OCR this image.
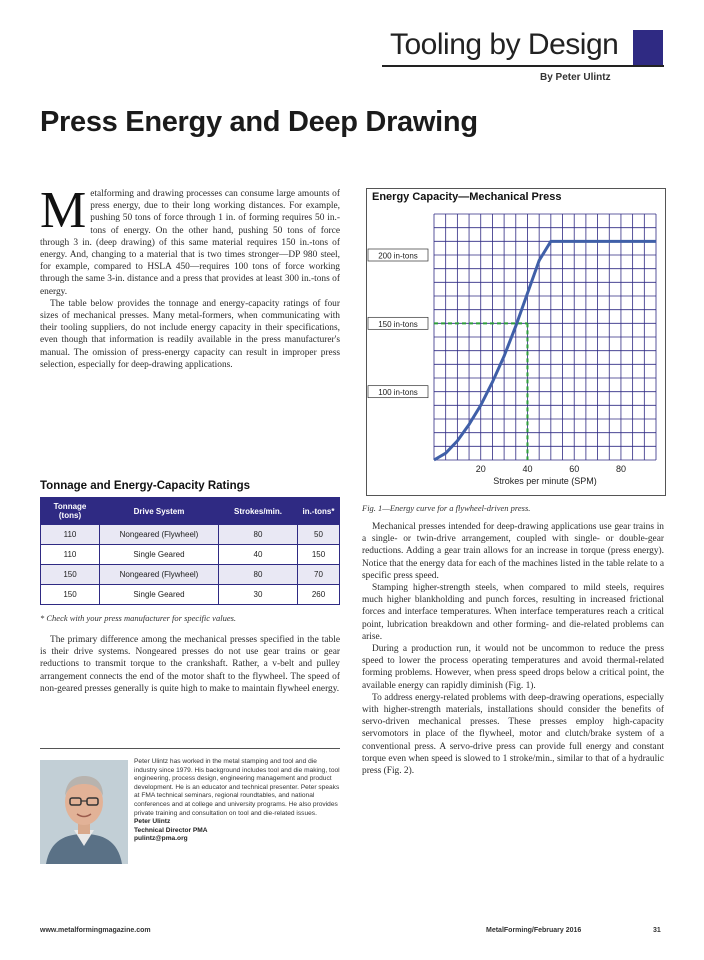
Tooling by Design
By Peter Ulintz
Press Energy and Deep Drawing

Metalforming and drawing processes can consume large amounts of press energy, due to their long working distances. For example, pushing 50 tons of force through 1 in. of forming requires 50 in.-tons of energy. On the other hand, pushing 50 tons of force through 3 in. (deep drawing) of this same material requires 150 in.-tons of energy. And, changing to a material that is two times stronger—DP 980 steel, for example, compared to HSLA 450—requires 100 tons of force working through the same 3-in. distance and a press that provides at least 300 in.-tons of energy.

The table below provides the tonnage and energy-capacity ratings of four sizes of mechanical presses. Many metal-formers, when communicating with their tooling suppliers, do not include energy capacity in their specifications, even though that information is readily available in the press manufacturer's manual. The omission of press-energy capacity can result in improper press selection, especially for deep-drawing applications.

Tonnage and Energy-Capacity Ratings
Tonnage (tons)	Drive System	Strokes/min.	in.-tons*
110	Nongeared (Flywheel)	80	50
110	Single Geared	40	150
150	Nongeared (Flywheel)	80	70
150	Single Geared	30	260
* Check with your press manufacturer for specific values.

The primary difference among the mechanical presses specified in the table is their drive systems. Nongeared presses do not use gear trains or gear reductions to transmit torque to the crankshaft. Rather, a v-belt and pulley arrangement connects the end of the motor shaft to the flywheel. The speed of non-geared presses generally is quite high to make to maintain flywheel energy.

Peter Ulintz has worked in the metal stamping and tool and die industry since 1979. His background includes tool and die making, tool engineering, process design, engineering management and product development. He is an educator and technical presenter. Peter speaks at FMA technical seminars, regional roundtables, and national conferences and at college and university programs. He also provides private training and consultation on tool and die-related issues.
Peter Ulintz
Technical Director PMA
pulintz@pma.org
Energy Capacity—Mechanical Press
100 in-tons
150 in-tons
200 in-tons
20	40	60	80
Strokes per minute (SPM)
Fig. 1—Energy curve for a flywheel-driven press.

Mechanical presses intended for deep-drawing applications use gear trains in a single- or twin-drive arrangement, coupled with single- or double-gear reductions. Adding a gear train allows for an increase in torque (press energy). Notice that the energy data for each of the machines listed in the table relate to a specific press speed.

Stamping higher-strength steels, when compared to mild steels, requires much higher blankholding and punch forces, resulting in increased frictional forces and interface temperatures. When interface temperatures reach a critical point, lubrication breakdown and other forming- and die-related problems can arise.

During a production run, it would not be uncommon to reduce the press speed to lower the process operating temperatures and avoid thermal-related forming problems. However, when press speed drops below a critical point, the available energy can rapidly diminish (Fig. 1).

To address energy-related problems with deep-drawing operations, especially with higher-strength materials, installations should consider the benefits of servo-driven mechanical presses. These presses employ high-capacity servomotors in place of the flywheel, motor and clutch/brake system of a conventional press. A servo-drive press can provide full energy and constant torque even when speed is slowed to 1 stroke/min., similar to that of a hydraulic press (Fig. 2).

www.metalformingmagazine.com	MetalForming/February 2016	31
